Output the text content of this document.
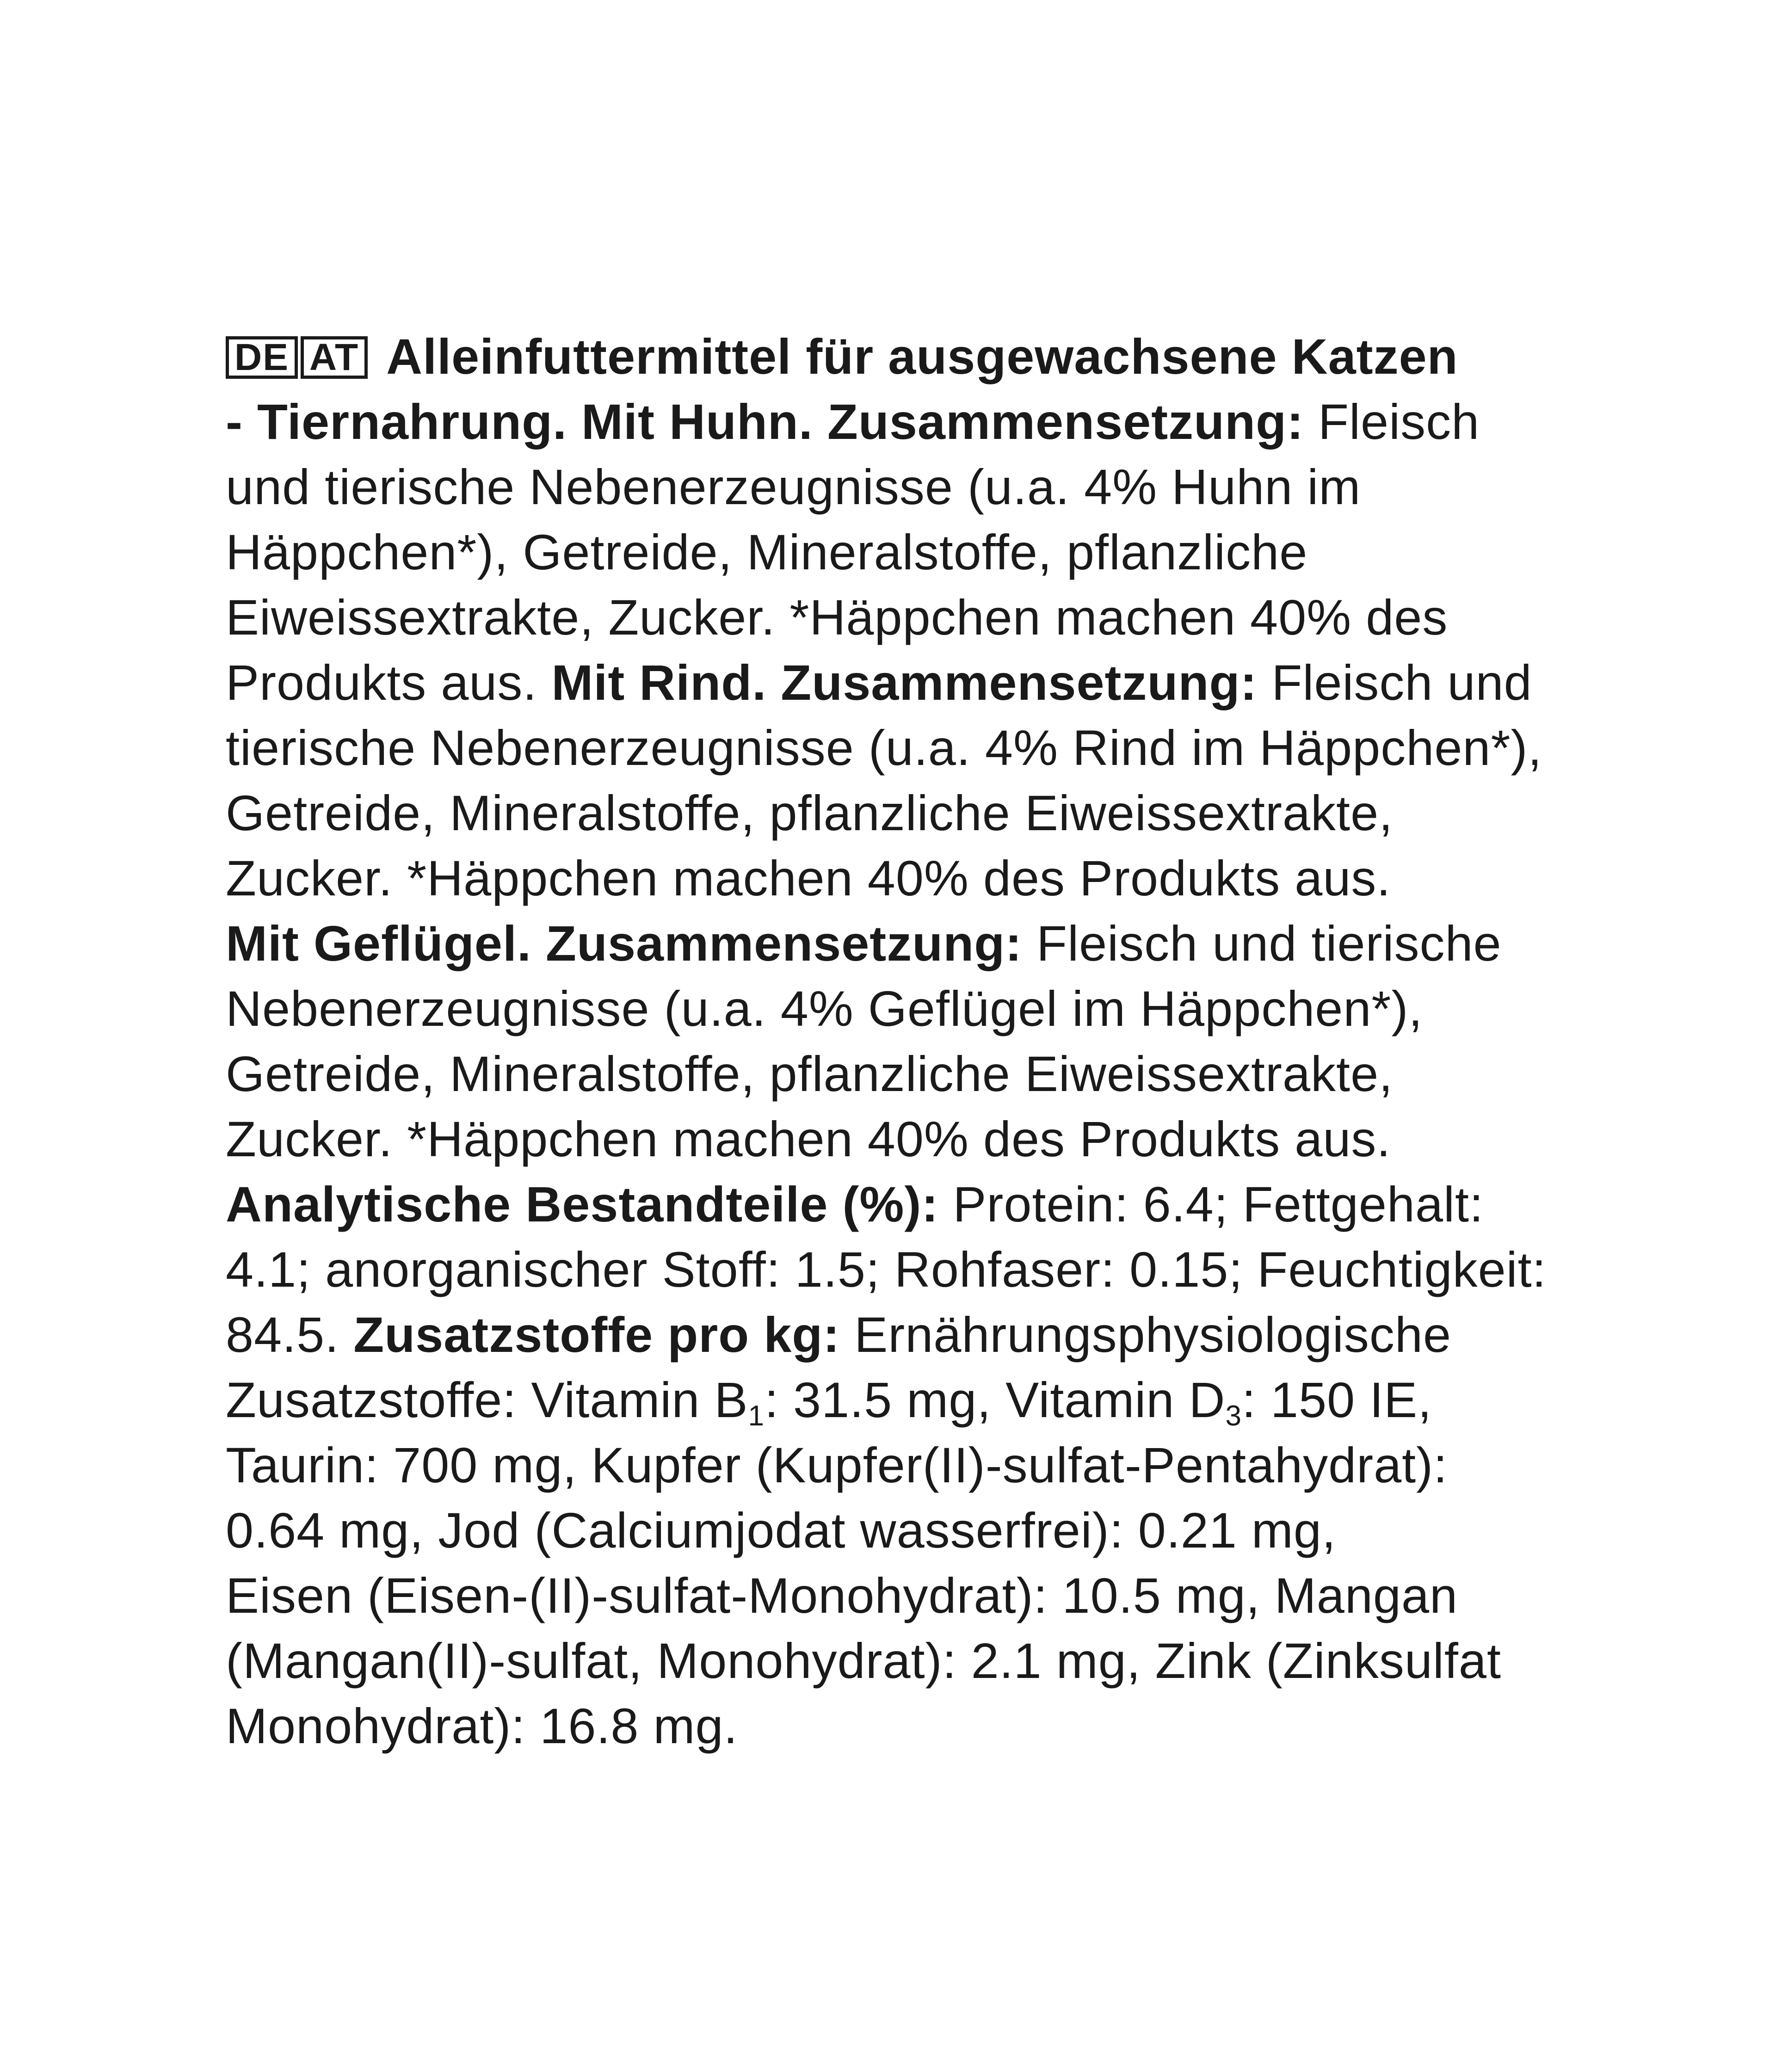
DE AT Alleinfuttermittel für ausgewachsene Katzen
- Tiernahrung. Mit Huhn. Zusammensetzung: Fleisch
und tierische Nebenerzeugnisse (u.a. 4% Huhn im
Häppchen*), Getreide, Mineralstoffe, pflanzliche
Eiweissextrakte, Zucker. *Häppchen machen 40% des
Produkts aus. Mit Rind. Zusammensetzung: Fleisch und
tierische Nebenerzeugnisse (u.a. 4% Rind im Häppchen*),
Getreide, Mineralstoffe, pflanzliche Eiweissextrakte,
Zucker. *Häppchen machen 40% des Produkts aus.
Mit Geflügel. Zusammensetzung: Fleisch und tierische
Nebenerzeugnisse (u.a. 4% Geflügel im Häppchen*),
Getreide, Mineralstoffe, pflanzliche Eiweissextrakte,
Zucker. *Häppchen machen 40% des Produkts aus.
Analytische Bestandteile (%): Protein: 6.4; Fettgehalt:
4.1; anorganischer Stoff: 1.5; Rohfaser: 0.15; Feuchtigkeit:
84.5. Zusatzstoffe pro kg: Ernährungsphysiologische
Zusatzstoffe: Vitamin $B_1$: 31.5 mg, Vitamin $D_3$: 150 IE,
Taurin: 700 mg, Kupfer (Kupfer(II)-sulfat-Pentahydrat):
0.64 mg, Jod (Calciumjodat wasserfrei): 0.21 mg,
Eisen (Eisen-(II)-sulfat-Monohydrat): 10.5 mg, Mangan
(Mangan(II)-sulfat, Monohydrat): 2.1 mg, Zink (Zinksulfat
Monohydrat): 16.8 mg.
